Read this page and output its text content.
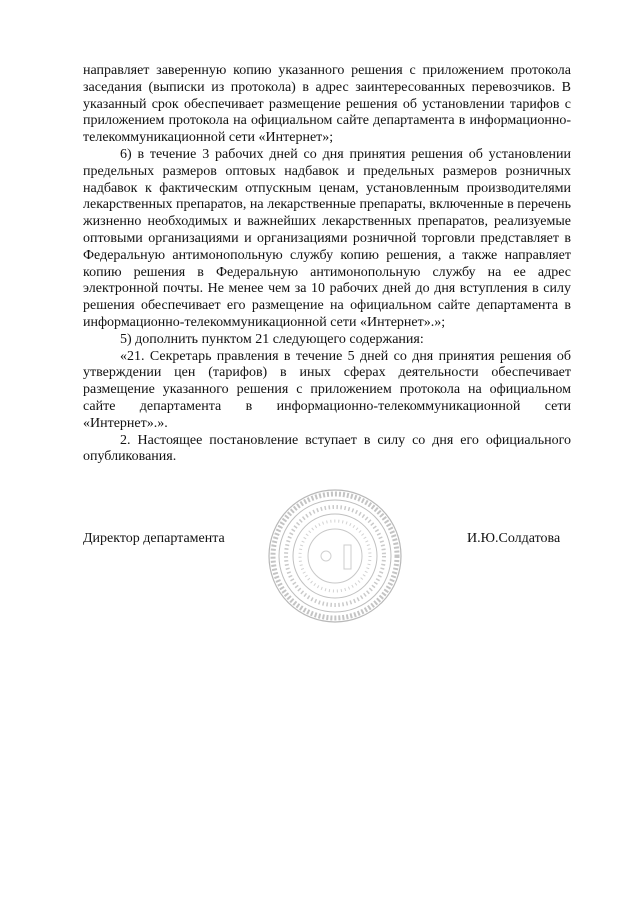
направляет заверенную копию указанного решения с приложением протокола заседания (выписки из протокола) в адрес заинтересованных перевозчиков. В указанный срок обеспечивает размещение решения об установлении тарифов с приложением протокола на официальном сайте департамента в информационно-телекоммуникационной сети «Интернет»;

6) в течение 3 рабочих дней со дня принятия решения об установлении предельных размеров оптовых надбавок и предельных размеров розничных надбавок к фактическим отпускным ценам, установленным производителями лекарственных препаратов, на лекарственные препараты, включенные в перечень жизненно необходимых и важнейших лекарственных препаратов, реализуемые оптовыми организациями и организациями розничной торговли представляет в Федеральную антимонопольную службу копию решения, а также направляет копию решения в Федеральную антимонопольную службу на ее адрес электронной почты. Не менее чем за 10 рабочих дней до дня вступления в силу решения обеспечивает его размещение на официальном сайте департамента в информационно-телекоммуникационной сети «Интернет».»;

5) дополнить пунктом 21 следующего содержания:

«21. Секретарь правления в течение 5 дней со дня принятия решения об утверждении цен (тарифов) в иных сферах деятельности обеспечивает размещение указанного решения с приложением протокола на официальном сайте департамента в информационно-телекоммуникационной сети «Интернет».».

2. Настоящее постановление вступает в силу со дня его официального опубликования.

Директор департамента	И.Ю.Солдатова
